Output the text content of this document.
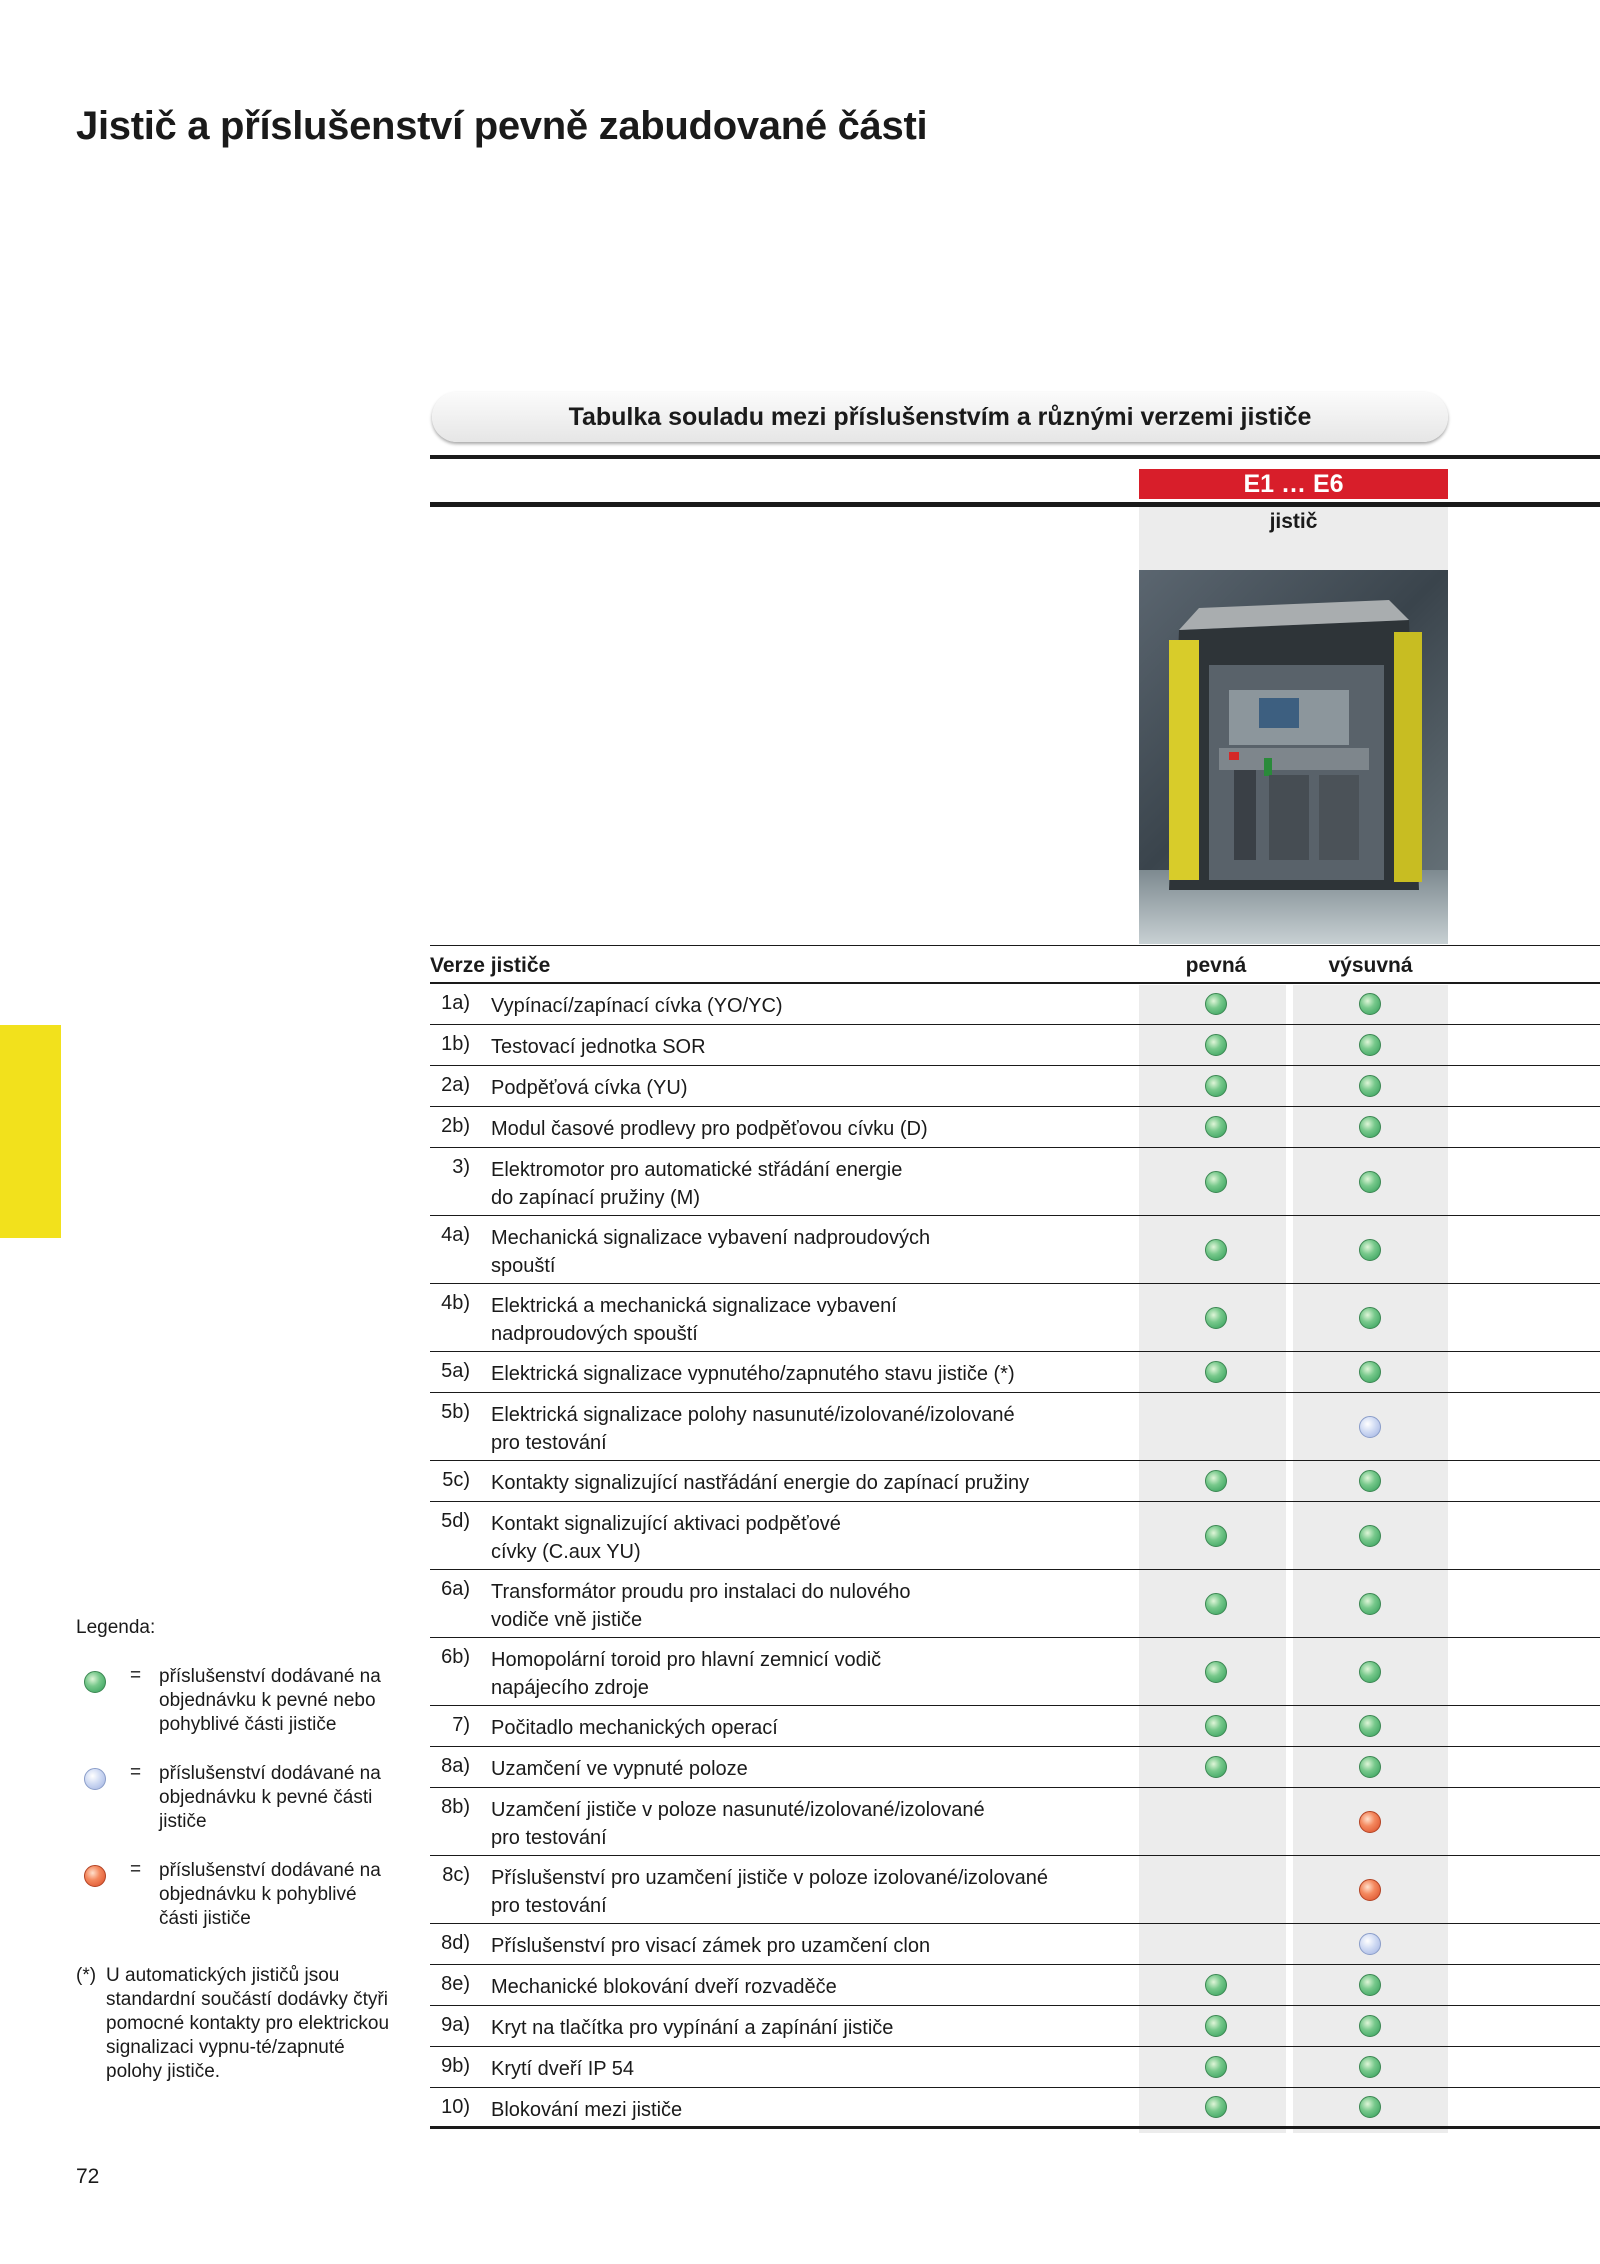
Jistič a příslušenství pevně zabudované části
Tabulka souladu mezi příslušenstvím a různými verzemi jističe
E1 … E6
jistič
Verze jističe	pevná	výsuvná
1a) Vypínací/zapínací cívka (YO/YC)
1b) Testovací jednotka SOR
2a) Podpěťová cívka (YU)
2b) Modul časové prodlevy pro podpěťovou cívku (D)
3) Elektromotor pro automatické střádání energie
do zapínací pružiny (M)
4a) Mechanická signalizace vybavení nadproudových
spouští
4b) Elektrická a mechanická signalizace vybavení
nadproudových spouští
5a) Elektrická signalizace vypnutého/zapnutého stavu jističe (*)
5b) Elektrická signalizace polohy nasunuté/izolované/izolované
pro testování
5c) Kontakty signalizující nastřádání energie do zapínací pružiny
5d) Kontakt signalizující aktivaci podpěťové
cívky (C.aux YU)
6a) Transformátor proudu pro instalaci do nulového
vodiče vně jističe
6b) Homopolární toroid pro hlavní zemnicí vodič
napájecího zdroje
7) Počitadlo mechanických operací
8a) Uzamčení ve vypnuté poloze
8b) Uzamčení jističe v poloze nasunuté/izolované/izolované
pro testování
8c) Příslušenství pro uzamčení jističe v poloze izolované/izolované
pro testování
8d) Příslušenství pro visací zámek pro uzamčení clon
8e) Mechanické blokování dveří rozvaděče
9a) Kryt na tlačítka pro vypínání a zapínání jističe
9b) Krytí dveří IP 54
10) Blokování mezi jističe
Legenda:
= příslušenství dodávané na objednávku k pevné nebo pohyblivé části jističe
= příslušenství dodávané na objednávku k pevné části jističe
= příslušenství dodávané na objednávku k pohyblivé části jističe
(*) U automatických jističů jsou standardní součástí dodávky čtyři pomocné kontakty pro elektrickou signalizaci vypnu-té/zapnuté polohy jističe.
72
